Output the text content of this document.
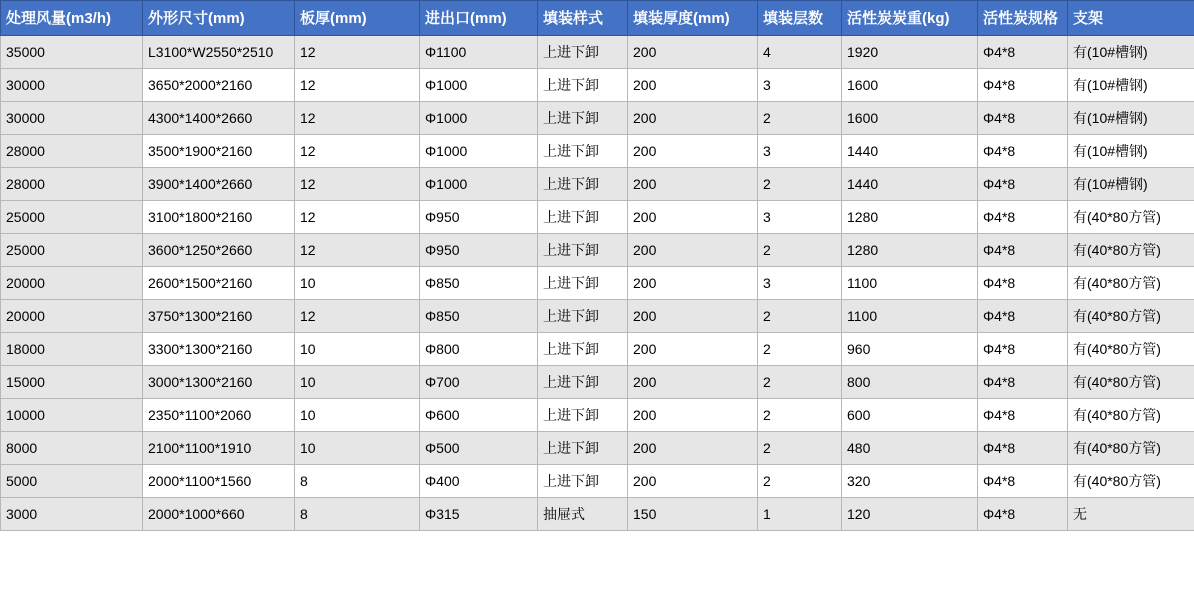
处理风量(m3/h)	外形尺寸(mm)	板厚(mm)	进出口(mm)	填装样式	填装厚度(mm)	填装层数	活性炭炭重(kg)	活性炭规格	支架
35000	L3100*W2550*2510	12	Φ1100	上进下卸	200	4	1920	Φ4*8	有(10#槽钢)
30000	3650*2000*2160	12	Φ1000	上进下卸	200	3	1600	Φ4*8	有(10#槽钢)
30000	4300*1400*2660	12	Φ1000	上进下卸	200	2	1600	Φ4*8	有(10#槽钢)
28000	3500*1900*2160	12	Φ1000	上进下卸	200	3	1440	Φ4*8	有(10#槽钢)
28000	3900*1400*2660	12	Φ1000	上进下卸	200	2	1440	Φ4*8	有(10#槽钢)
25000	3100*1800*2160	12	Φ950	上进下卸	200	3	1280	Φ4*8	有(40*80方管)
25000	3600*1250*2660	12	Φ950	上进下卸	200	2	1280	Φ4*8	有(40*80方管)
20000	2600*1500*2160	10	Φ850	上进下卸	200	3	1100	Φ4*8	有(40*80方管)
20000	3750*1300*2160	12	Φ850	上进下卸	200	2	1100	Φ4*8	有(40*80方管)
18000	3300*1300*2160	10	Φ800	上进下卸	200	2	960	Φ4*8	有(40*80方管)
15000	3000*1300*2160	10	Φ700	上进下卸	200	2	800	Φ4*8	有(40*80方管)
10000	2350*1100*2060	10	Φ600	上进下卸	200	2	600	Φ4*8	有(40*80方管)
8000	2100*1100*1910	10	Φ500	上进下卸	200	2	480	Φ4*8	有(40*80方管)
5000	2000*1100*1560	8	Φ400	上进下卸	200	2	320	Φ4*8	有(40*80方管)
3000	2000*1000*660	8	Φ315	抽屉式	150	1	120	Φ4*8	无
